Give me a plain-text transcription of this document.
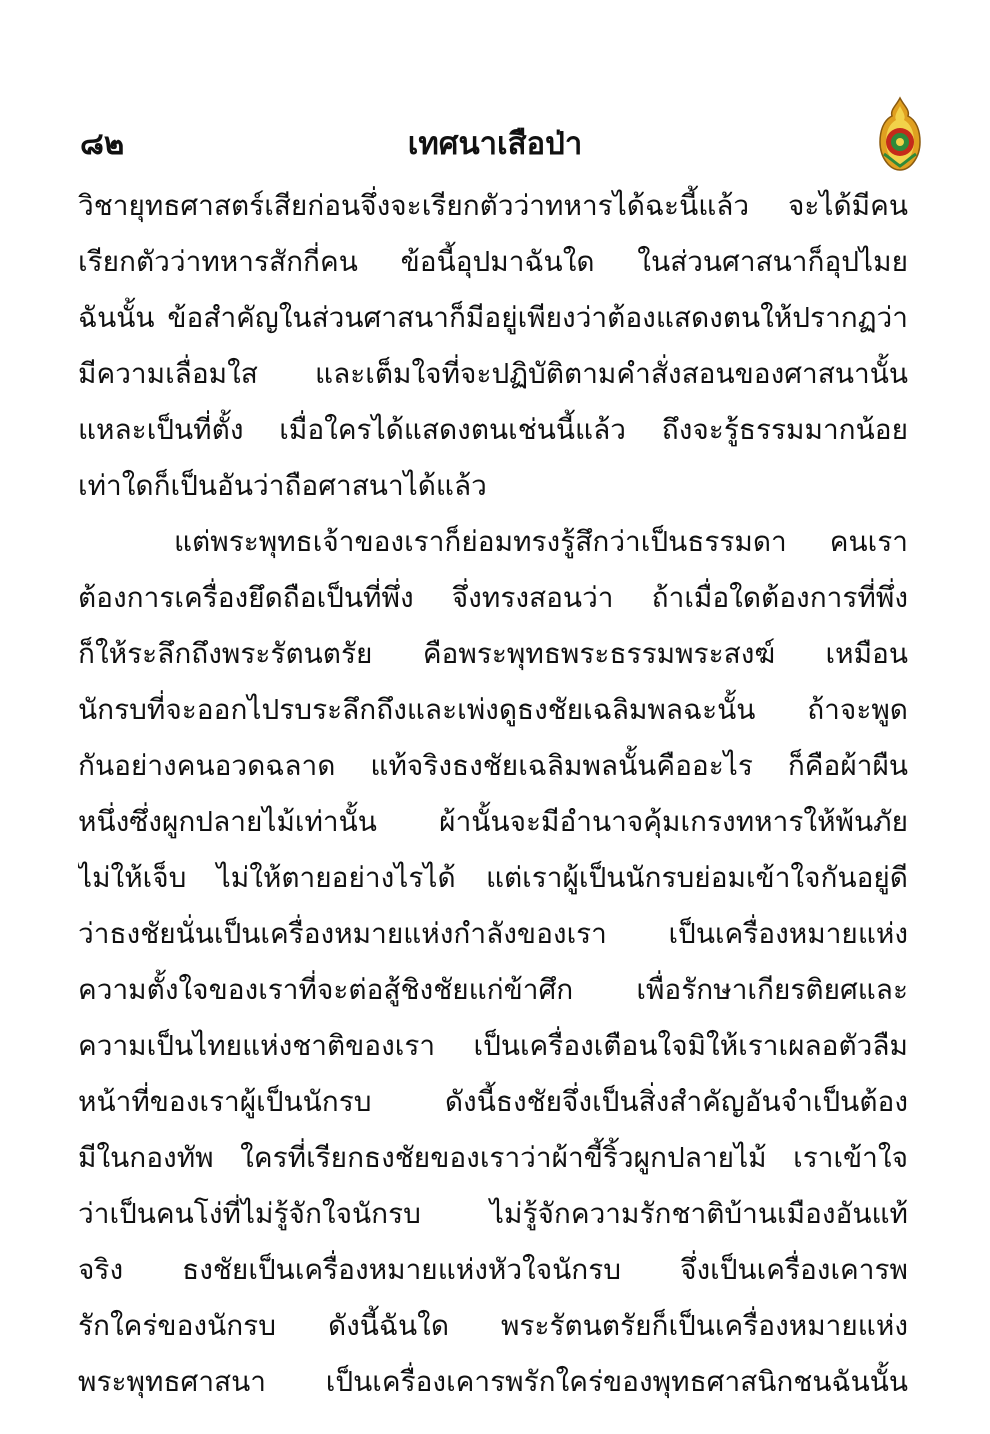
๘๒	เทศนาเสือป่า
วิชายุทธศาสตร์เสียก่อนจึ่งจะเรียกตัวว่าทหารได้ฉะนี้แล้ว จะได้มีคน
เรียกตัวว่าทหารสักกี่คน ข้อนี้อุปมาฉันใด ในส่วนศาสนาก็อุปไมย
ฉันนั้น ข้อสำคัญในส่วนศาสนาก็มีอยู่เพียงว่าต้องแสดงตนให้ปรากฏว่า
มีความเลื่อมใส และเต็มใจที่จะปฏิบัติตามคำสั่งสอนของศาสนานั้น
แหละเป็นที่ตั้ง เมื่อใครได้แสดงตนเช่นนี้แล้ว ถึงจะรู้ธรรมมากน้อย
เท่าใดก็เป็นอันว่าถือศาสนาได้แล้ว
แต่พระพุทธเจ้าของเราก็ย่อมทรงรู้สึกว่าเป็นธรรมดา คนเรา
ต้องการเครื่องยึดถือเป็นที่พึ่ง จึ่งทรงสอนว่า ถ้าเมื่อใดต้องการที่พึ่ง
ก็ให้ระลึกถึงพระรัตนตรัย คือพระพุทธพระธรรมพระสงฆ์ เหมือน
นักรบที่จะออกไปรบระลึกถึงและเพ่งดูธงชัยเฉลิมพลฉะนั้น ถ้าจะพูด
กันอย่างคนอวดฉลาด แท้จริงธงชัยเฉลิมพลนั้นคืออะไร ก็คือผ้าผืน
หนึ่งซึ่งผูกปลายไม้เท่านั้น ผ้านั้นจะมีอำนาจคุ้มเกรงทหารให้พ้นภัย
ไม่ให้เจ็บ ไม่ให้ตายอย่างไรได้ แต่เราผู้เป็นนักรบย่อมเข้าใจกันอยู่ดี
ว่าธงชัยนั่นเป็นเครื่องหมายแห่งกำลังของเรา เป็นเครื่องหมายแห่ง
ความตั้งใจของเราที่จะต่อสู้ชิงชัยแก่ข้าศึก เพื่อรักษาเกียรติยศและ
ความเป็นไทยแห่งชาติของเรา เป็นเครื่องเตือนใจมิให้เราเผลอตัวลืม
หน้าที่ของเราผู้เป็นนักรบ ดังนี้ธงชัยจึ่งเป็นสิ่งสำคัญอันจำเป็นต้อง
มีในกองทัพ ใครที่เรียกธงชัยของเราว่าผ้าขี้ริ้วผูกปลายไม้ เราเข้าใจ
ว่าเป็นคนโง่ที่ไม่รู้จักใจนักรบ ไม่รู้จักความรักชาติบ้านเมืองอันแท้
จริง ธงชัยเป็นเครื่องหมายแห่งหัวใจนักรบ จึ่งเป็นเครื่องเคารพ
รักใคร่ของนักรบ ดังนี้ฉันใด พระรัตนตรัยก็เป็นเครื่องหมายแห่ง
พระพุทธศาสนา เป็นเครื่องเคารพรักใคร่ของพุทธศาสนิกชนฉันนั้น
